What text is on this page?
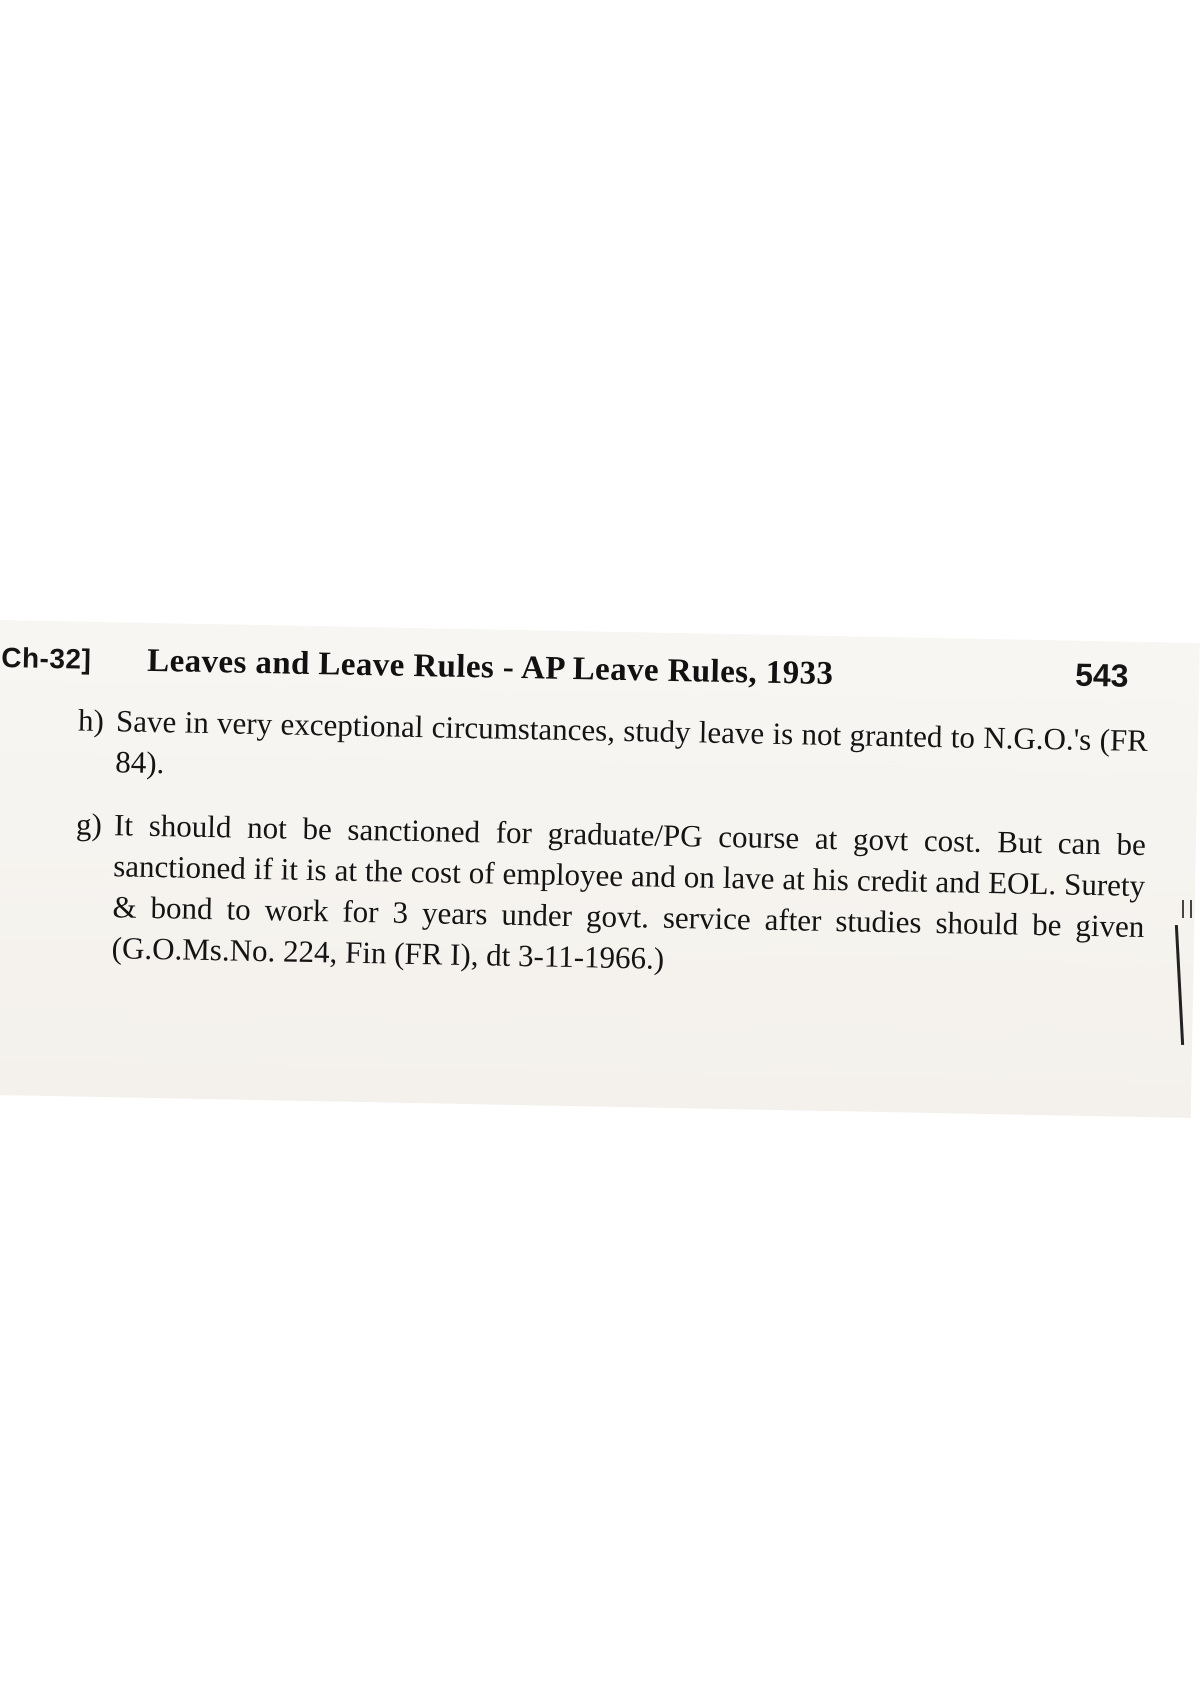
Ch-32] Leaves and Leave Rules - AP Leave Rules, 1933	543
h) Save in very exceptional circumstances, study leave is not granted to N.G.O.'s (FR 84).

g) It should not be sanctioned for graduate/PG course at govt cost. But can be sanctioned if it is at the cost of employee and on lave at his credit and EOL. Surety & bond to work for 3 years under govt. service after studies should be given (G.O.Ms.No. 224, Fin (FR I), dt 3-11-1966.)
